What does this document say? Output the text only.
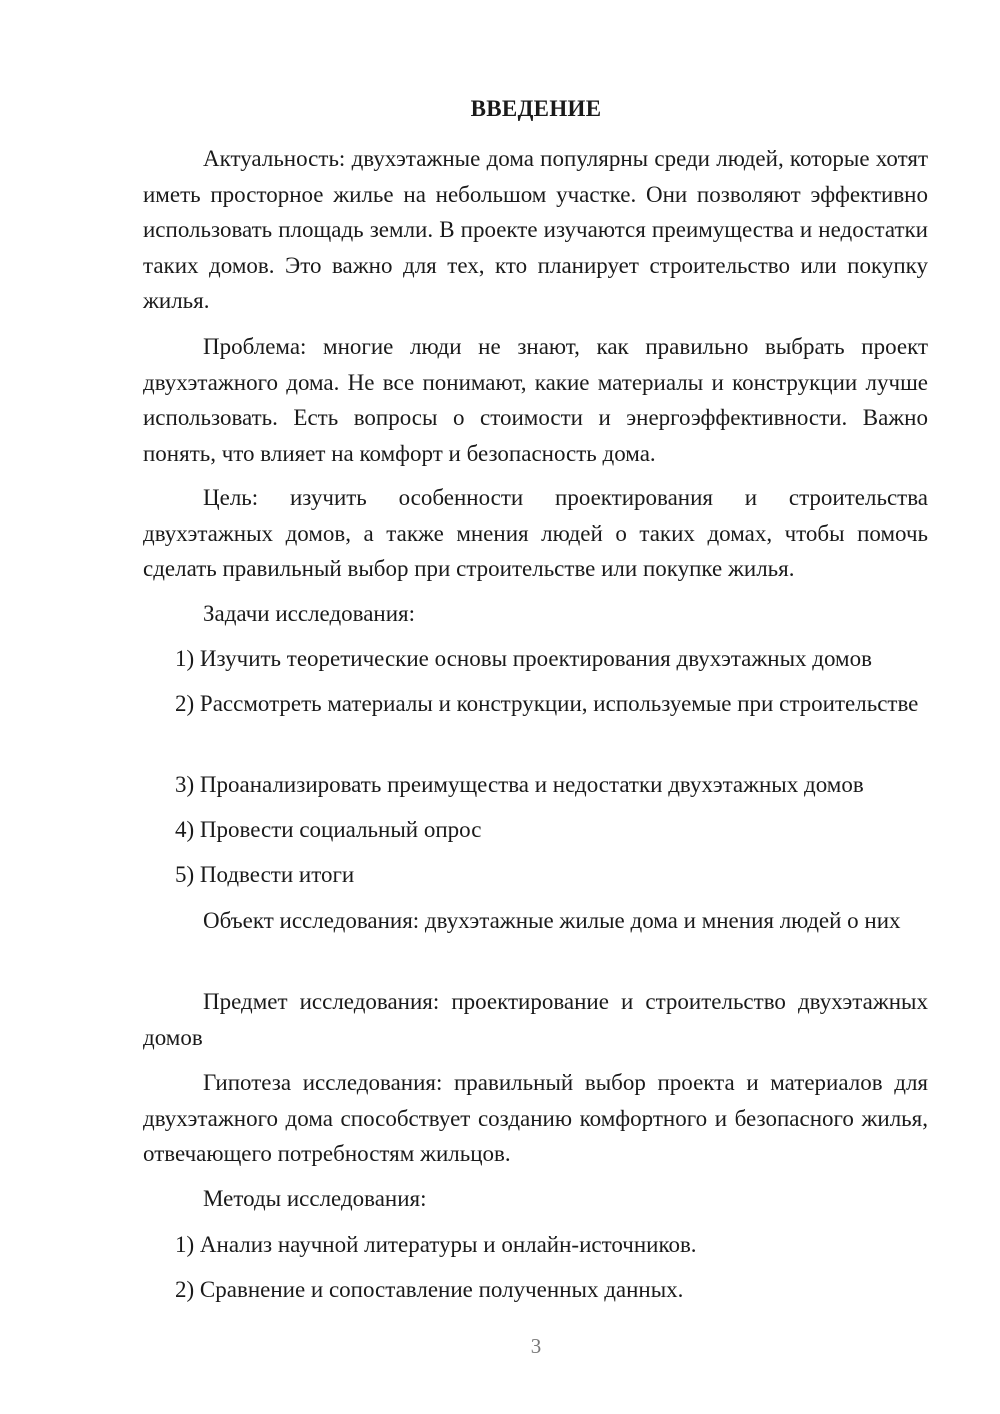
ВВЕДЕНИЕ

Актуальность: двухэтажные дома популярны среди людей, которые хотят иметь просторное жилье на небольшом участке. Они позволяют эффективно использовать площадь земли. В проекте изучаются преимущества и недостатки таких домов. Это важно для тех, кто планирует строительство или покупку жилья.

Проблема: многие люди не знают, как правильно выбрать проект двухэтажного дома. Не все понимают, какие материалы и конструкции лучше использовать. Есть вопросы о стоимости и энергоэффективности. Важно понять, что влияет на комфорт и безопасность дома.

Цель: изучить особенности проектирования и строительства двухэтажных домов, а также мнения людей о таких домах, чтобы помочь сделать правильный выбор при строительстве или покупке жилья.

Задачи исследования:

1) Изучить теоретические основы проектирования двухэтажных домов

2) Рассмотреть материалы и конструкции, используемые при строительстве

3) Проанализировать преимущества и недостатки двухэтажных домов

4) Провести социальный опрос

5) Подвести итоги

Объект исследования: двухэтажные жилые дома и мнения людей о них

Предмет исследования: проектирование и строительство двухэтажных домов

Гипотеза исследования: правильный выбор проекта и материалов для двухэтажного дома способствует созданию комфортного и безопасного жилья, отвечающего потребностям жильцов.

Методы исследования:

1) Анализ научной литературы и онлайн-источников.

2) Сравнение и сопоставление полученных данных.

3
